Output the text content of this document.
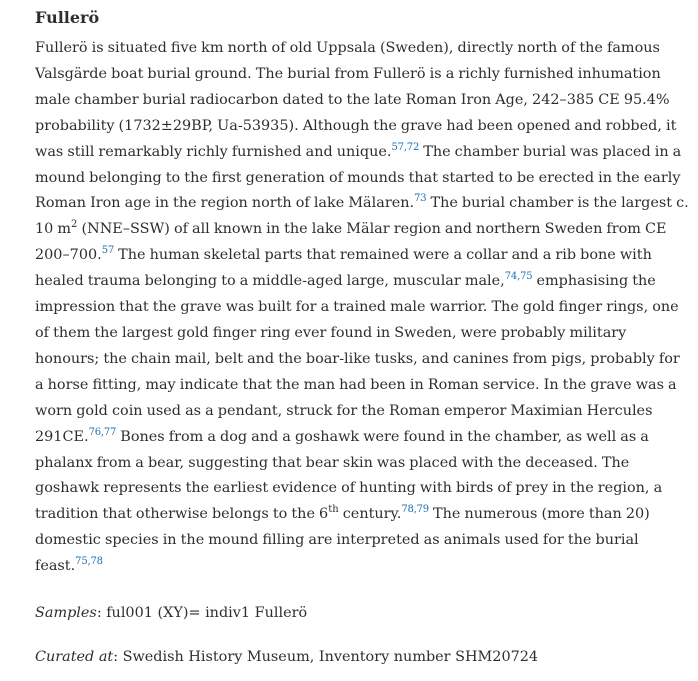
Fullerö

Fullerö is situated five km north of old Uppsala (Sweden), directly north of the famous Valsgärde boat burial ground. The burial from Fullerö is a richly furnished inhumation male chamber burial radiocarbon dated to the late Roman Iron Age, 242–385 CE 95.4% probability (1732±29BP, Ua-53935). Although the grave had been opened and robbed, it was still remarkably richly furnished and unique.$^{57,72}$ The chamber burial was placed in a mound belonging to the first generation of mounds that started to be erected in the early Roman Iron age in the region north of lake Mälaren.$^{73}$ The burial chamber is the largest c. 10 $m^2$ (NNE–SSW) of all known in the lake Mälar region and northern Sweden from CE 200–700.57 The human skeletal parts that remained were a collar and a rib bone with healed trauma belonging to a middle-aged large, muscular male,$^{74,75}$ emphasising the impression that the grave was built for a trained male warrior. The gold finger rings, one of them the largest gold finger ring ever found in Sweden, were probably military honours; the chain mail, belt and the boar-like tusks, and canines from pigs, probably for a horse fitting, may indicate that the man had been in Roman service. In the grave was a worn gold coin used as a pendant, struck for the Roman emperor Maximian Hercules 291CE.$^{76,77}$ Bones from a dog and a goshawk were found in the chamber, as well as a phalanx from a bear, suggesting that bear skin was placed with the deceased. The goshawk represents the earliest evidence of hunting with birds of prey in the region, a tradition that otherwise belongs to the 6th century.$^{78,79}$ The numerous (more than 20) domestic species in the mound filling are interpreted as animals used for the burial feast.$^{75,78}$

Samples: ful001 (XY)= indiv1 Fullerö

Curated at: Swedish History Museum, Inventory number SHM20724
